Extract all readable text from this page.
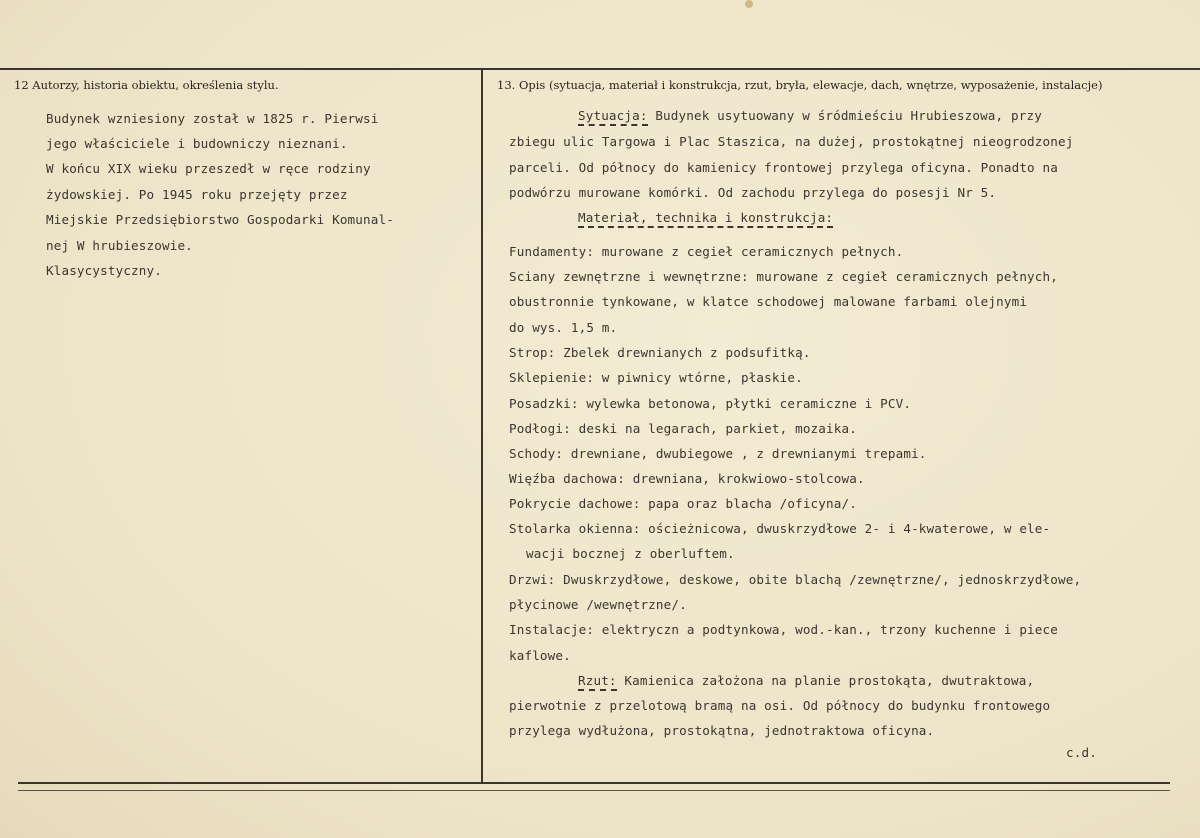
12 Autorzy, historia obiektu, określenia stylu.
Budynek wzniesiony został w 1825 r. Pierwsi
jego właściciele i budowniczy nieznani.
W końcu XIX wieku przeszedł w ręce rodziny
żydowskiej. Po 1945 roku przejęty przez
Miejskie Przedsiębiorstwo Gospodarki Komunal-
nej W hrubieszowie.
Klasycystyczny.
13. Opis (sytuacja, materiał i konstrukcja, rzut, bryła, elewacje, dach, wnętrze, wyposażenie, instalacje)
Sytuacja: Budynek usytuowany w śródmieściu Hrubieszowa, przy
zbiegu ulic Targowa i Plac Staszica, na dużej, prostokątnej nieogrodzonej
parceli. Od północy do kamienicy frontowej przylega oficyna. Ponadto na
podwórzu murowane komórki. Od zachodu przylega do posesji Nr 5.
Materiał, technika i konstrukcja:
Fundamenty: murowane z cegieł ceramicznych pełnych.
Sciany zewnętrzne i wewnętrzne: murowane z cegieł ceramicznych pełnych,
obustronnie tynkowane, w klatce schodowej malowane farbami olejnymi
do wys. 1,5 m.
Strop: Zbelek drewnianych z podsufitką.
Sklepienie: w piwnicy wtórne, płaskie.
Posadzki: wylewka betonowa, płytki ceramiczne i PCV.
Podłogi: deski na legarach, parkiet, mozaika.
Schody: drewniane, dwubiegowe , z drewnianymi trepami.
Więźba dachowa: drewniana, krokwiowo-stolcowa.
Pokrycie dachowe: papa oraz blacha /oficyna/.
Stolarka okienna: ościeżnicowa, dwuskrzydłowe 2- i 4-kwaterowe, w ele-
wacji bocznej z oberluftem.
Drzwi: Dwuskrzydłowe, deskowe, obite blachą /zewnętrzne/, jednoskrzydłowe,
płycinowe /wewnętrzne/.
Instalacje: elektryczn a podtynkowa, wod.-kan., trzony kuchenne i piece
kaflowe.
Rzut: Kamienica założona na planie prostokąta, dwutraktowa,
pierwotnie z przelotową bramą na osi. Od północy do budynku frontowego
przylega wydłużona, prostokątna, jednotraktowa oficyna.
c.d.
